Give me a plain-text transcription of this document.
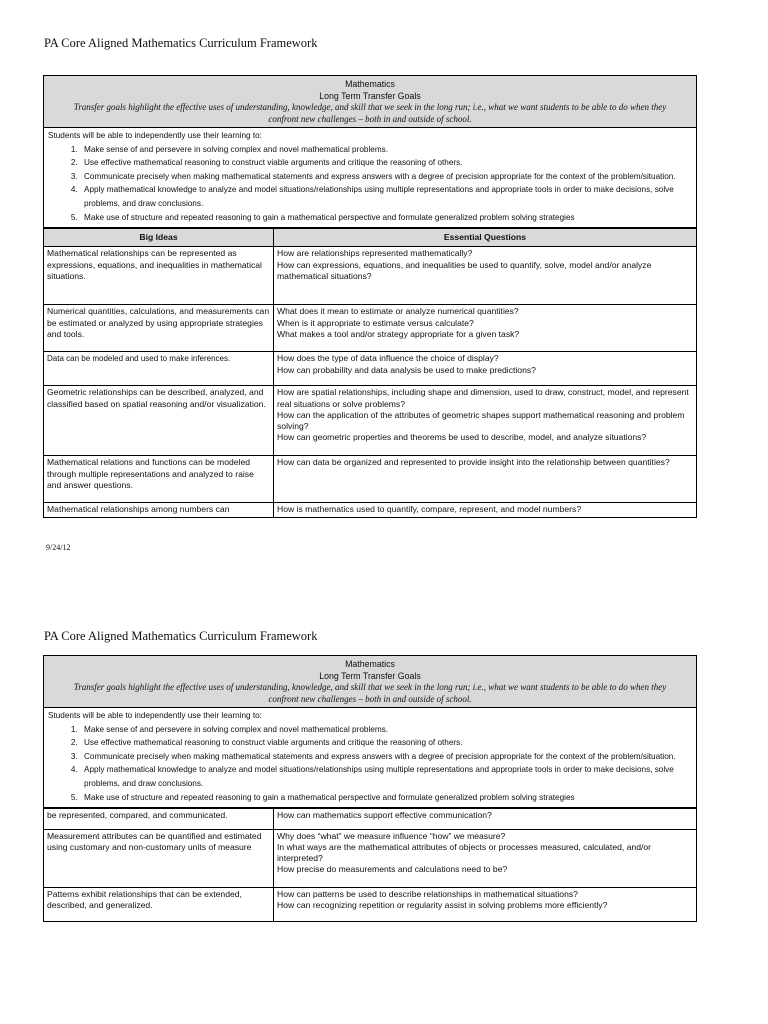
PA Core Aligned Mathematics Curriculum Framework
Mathematics
Long Term Transfer Goals
Transfer goals highlight the effective uses of understanding, knowledge, and skill that we seek in the long run; i.e., what we want students to be able to do when they confront new challenges – both in and outside of school.
Students will be able to independently use their learning to:
1. Make sense of and persevere in solving complex and novel mathematical problems.
2. Use effective mathematical reasoning to construct viable arguments and critique the reasoning of others.
3. Communicate precisely when making mathematical statements and express answers with a degree of precision appropriate for the context of the problem/situation.
4. Apply mathematical knowledge to analyze and model situations/relationships using multiple representations and appropriate tools in order to make decisions, solve problems, and draw conclusions.
5. Make use of structure and repeated reasoning to gain a mathematical perspective and formulate generalized problem solving strategies
Big Ideas	Essential Questions
Mathematical relationships can be represented as expressions, equations, and inequalities in mathematical situations.	How are relationships represented mathematically?
How can expressions, equations, and inequalities be used to quantify, solve, model and/or analyze mathematical situations?

Numerical quantities, calculations, and measurements can be estimated or analyzed by using appropriate strategies and tools.	What does it mean to estimate or analyze numerical quantities?
When is it appropriate to estimate versus calculate?
What makes a tool and/or strategy appropriate for a given task?

Data can be modeled and used to make inferences.	How does the type of data influence the choice of display?
How can probability and data analysis be used to make predictions?

Geometric relationships can be described, analyzed, and classified based on spatial reasoning and/or visualization.	How are spatial relationships, including shape and dimension, used to draw, construct, model, and represent real situations or solve problems?
How can the application of the attributes of geometric shapes support mathematical reasoning and problem solving?
How can geometric properties and theorems be used to describe, model, and analyze situations?

Mathematical relations and functions can be modeled through multiple representations and analyzed to raise and answer questions.	How can data be organized and represented to provide insight into the relationship between quantities?

Mathematical relationships among numbers can	How is mathematics used to quantify, compare, represent, and model numbers?
9/24/12
PA Core Aligned Mathematics Curriculum Framework
Mathematics
Long Term Transfer Goals
Transfer goals highlight the effective uses of understanding, knowledge, and skill that we seek in the long run; i.e., what we want students to be able to do when they confront new challenges – both in and outside of school.
Students will be able to independently use their learning to:
1. Make sense of and persevere in solving complex and novel mathematical problems.
2. Use effective mathematical reasoning to construct viable arguments and critique the reasoning of others.
3. Communicate precisely when making mathematical statements and express answers with a degree of precision appropriate for the context of the problem/situation.
4. Apply mathematical knowledge to analyze and model situations/relationships using multiple representations and appropriate tools in order to make decisions, solve problems, and draw conclusions.
5. Make use of structure and repeated reasoning to gain a mathematical perspective and formulate generalized problem solving strategies
be represented, compared, and communicated.	How can mathematics support effective communication?

Measurement attributes can be quantified and estimated using customary and non-customary units of measure	Why does “what” we measure influence “how” we measure?
In what ways are the mathematical attributes of objects or processes measured, calculated, and/or interpreted?
How precise do measurements and calculations need to be?

Patterns exhibit relationships that can be extended, described, and generalized.	How can patterns be used to describe relationships in mathematical situations?
How can recognizing repetition or regularity assist in solving problems more efficiently?
